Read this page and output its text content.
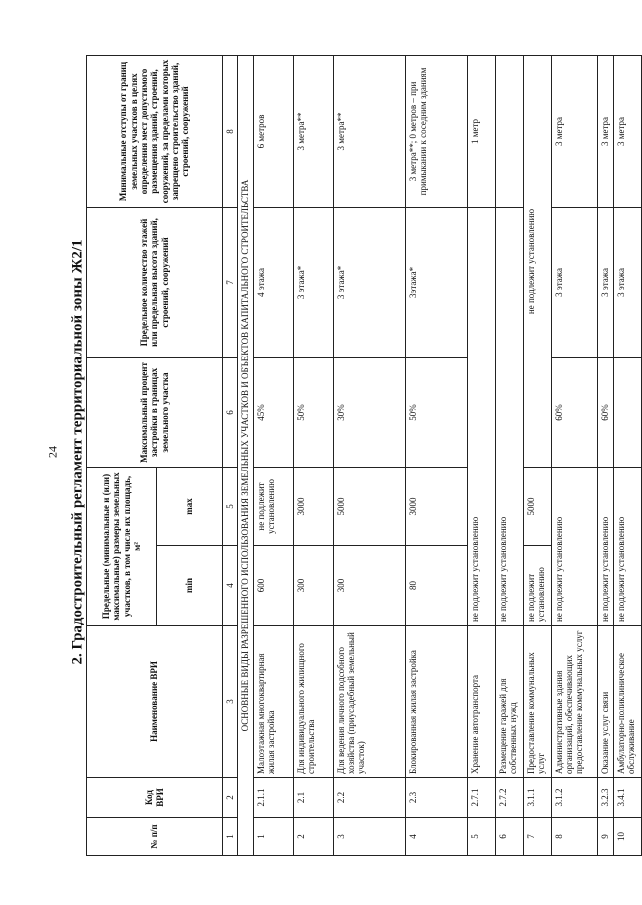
24 2. Градостроительный регламент территориальной зоны Ж2/1
№ п/п	Код ВРИ	Наименование ВРИ	Предельные (минимальные и (или) максимальные) размеры земельных участков, в том числе их площадь, м²		Максимальный процент застройки в границах земельного участка	Предельное количество этажей или предельная высота зданий, строений, сооружений	Минимальные отступы от границ земельных участков в целях определения мест допустимого размещения зданий, строений, сооружений, за пределами которых запрещено строительство зданий, строений, сооружений
			min	max			
1	2	3	4	5	6	7	8
ОСНОВНЫЕ ВИДЫ РАЗРЕШЕННОГО ИСПОЛЬЗОВАНИЯ ЗЕМЕЛЬНЫХ УЧАСТКОВ И ОБЪЕКТОВ КАПИТАЛЬНОГО СТРОИТЕЛЬСТВА							
1	2.1.1	Малоэтажная многоквартирная жилая застройка	600	не подлежит установлению	45%	4 этажа	6 метров
2	2.1	Для индивидуального жилищного строительства	300	3000	50%	3 этажа*	3 метра**
3	2.2	Для ведения личного подсобного хозяйства (приусадебный земельный участок)	300	5000	30%	3 этажа*	3 метра**
4	2.3	Блокированная жилая застройка	80	3000	50%	3этажа*	3 метра**; 0 метров – при примыкании к соседним зданиям
5	2.7.1	Хранение автотранспорта	не подлежит установлению				1 метр
6	2.7.2	Размещение гаражей для собственных нужд	не подлежит установлению				
7	3.1.1	Предоставление коммунальных услуг	не подлежит установлению	5000	не подлежит установлению		
8	3.1.2	Административные здания организаций, обеспечивающих предоставление коммунальных услуг	не подлежит установлению		60%	3 этажа	3 метра
9	3.2.3	Оказание услуг связи	не подлежит установлению		60%	3 этажа	3 метра
10	3.4.1	Амбулаторно-поликлиническое обслуживание	не подлежит установлению			3 этажа	3 метра
